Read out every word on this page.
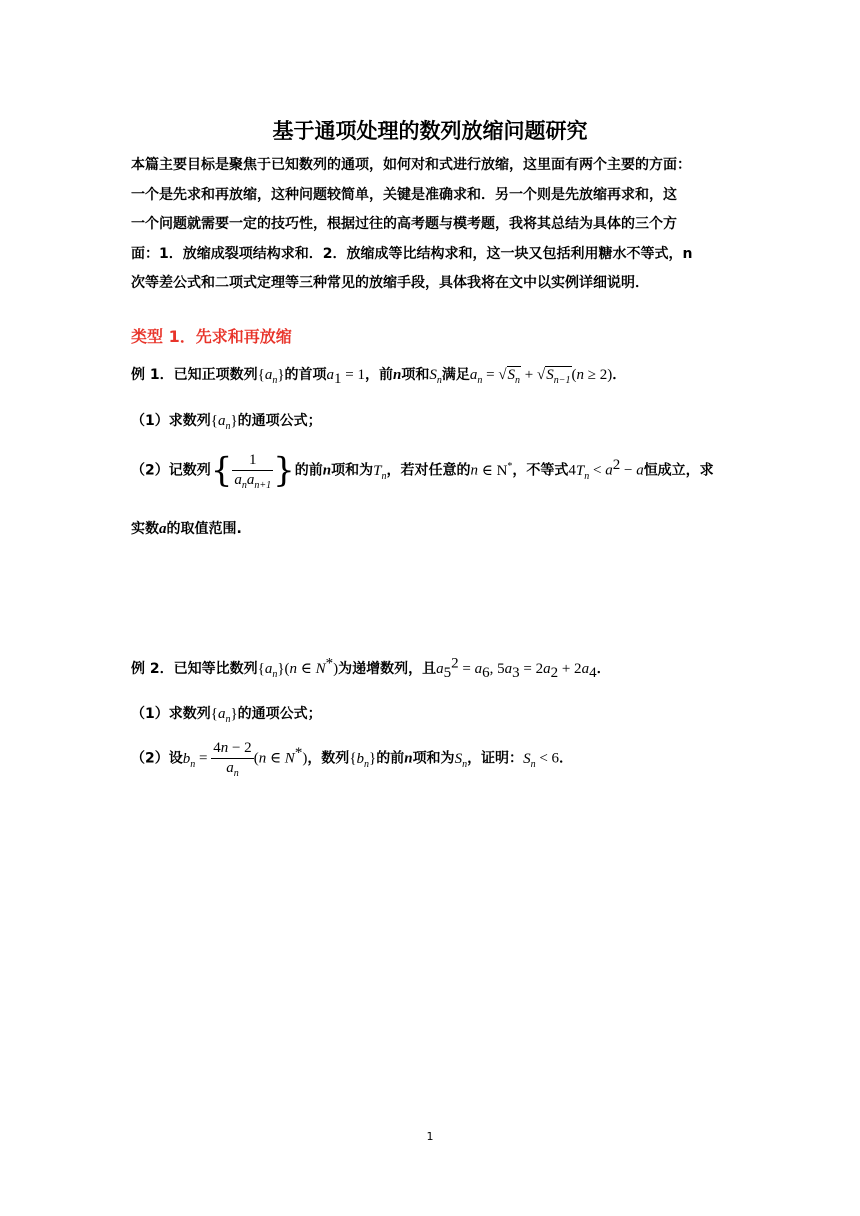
基于通项处理的数列放缩问题研究

本篇主要目标是聚焦于已知数列的通项，如何对和式进行放缩，这里面有两个主要的方面：

一个是先求和再放缩，这种问题较简单，关键是准确求和．另一个则是先放缩再求和，这

一个问题就需要一定的技巧性，根据过往的高考题与模考题，我将其总结为具体的三个方

面：1．放缩成裂项结构求和．2．放缩成等比结构求和，这一块又包括利用糖水不等式，n

次等差公式和二项式定理等三种常见的放缩手段，具体我将在文中以实例详细说明．

类型 1．先求和再放缩
例 1．已知正项数列$\{a_n\}$的首项$a_1 = 1$，前n项和$S_n$满足$a_n = √S_n + √S_{n-1}(n \ge 2)$．
（1）求数列$\{a_n\}$的通项公式；
（2）记数列{ $\frac{1}{a_na_{n+1}}$ }的前n项和为$T_n$，若对任意的n ∈ N*，不等式$4T_n < a^2 - a$恒成立，求
实数a的取值范围.
例 2．已知等比数列$\{a_n\}(n$ ∈ N*)为递增数列，且$a_5^2 = a_6$, $5a_3 = 2a_2 + 2a_4$．
（1）求数列$\{a_n\}$的通项公式；
（2）设$b_n = \frac{4n - 2}{a_n} (n$ ∈ N*)，数列$\{b_n\}$的前n项和为$S_n$，证明：$S_n < 6$．
1
